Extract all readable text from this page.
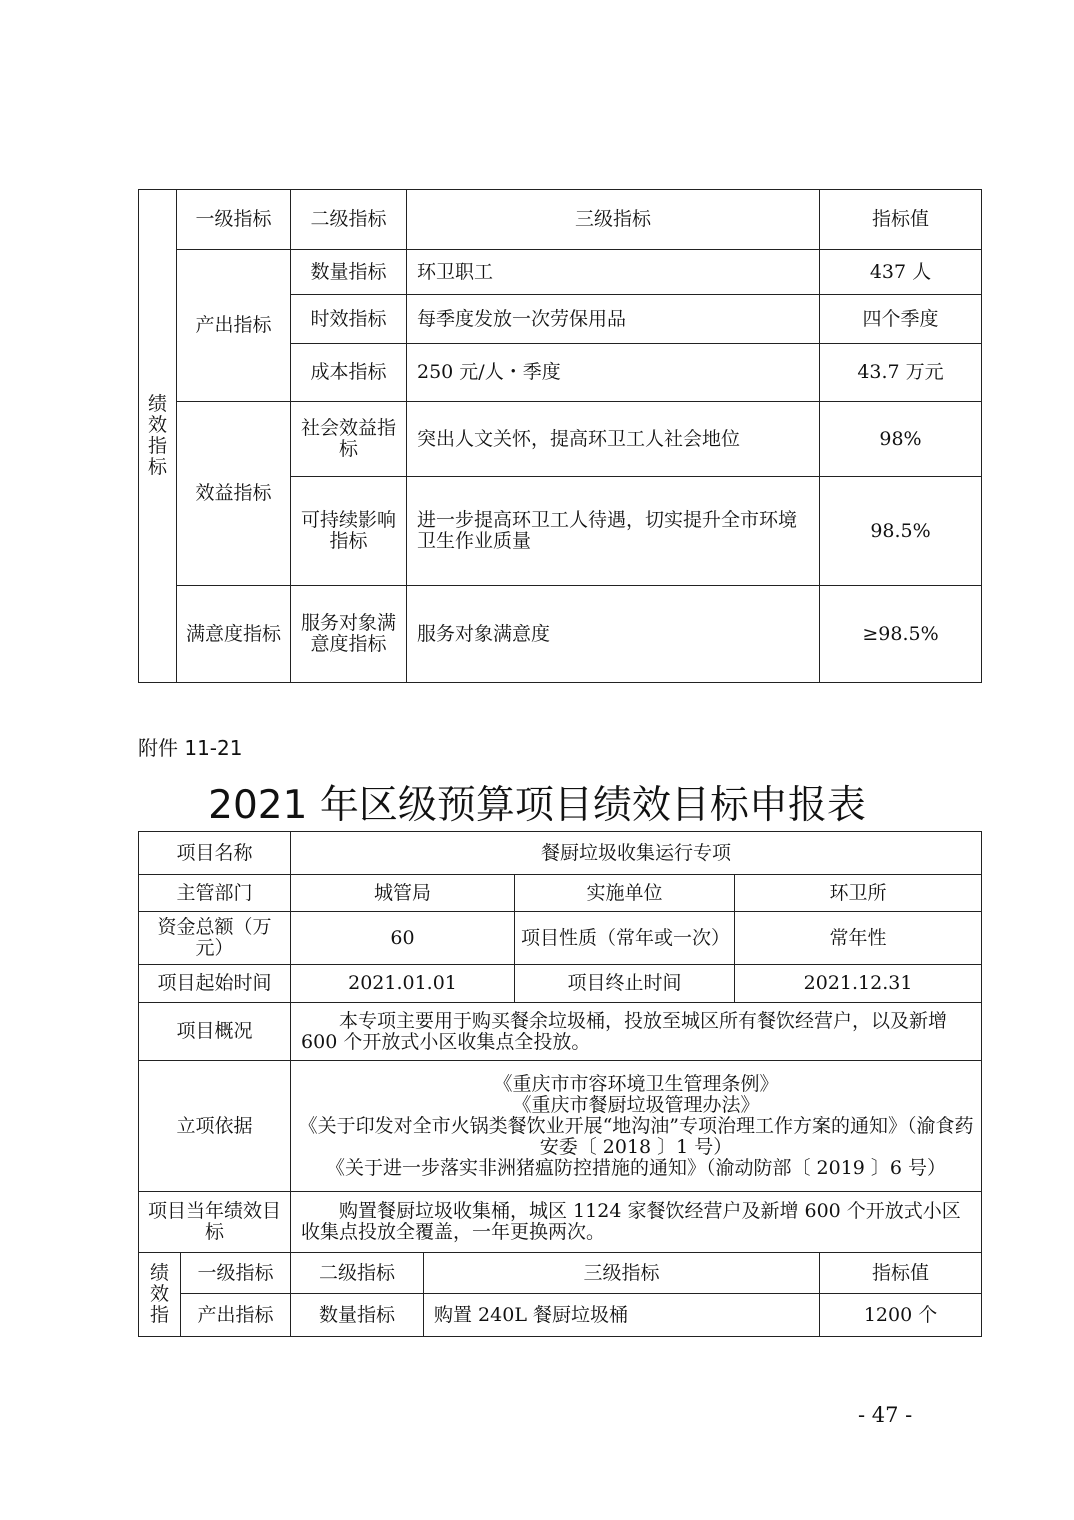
绩效指标	一级指标	二级指标	三级指标	指标值
	产出指标	数量指标	环卫职工	437 人
		时效指标	每季度发放一次劳保用品	四个季度
		成本指标	250 元/人・季度	43.7 万元
	效益指标	社会效益指标	突出人文关怀，提高环卫工人社会地位	98%
		可持续影响指标	进一步提高环卫工人待遇，切实提升全市环境卫生作业质量	98.5%
	满意度指标	服务对象满意度指标	服务对象满意度	≥98.5%
附件 11-21
2021 年区级预算项目绩效目标申报表
项目名称		餐厨垃圾收集运行专项				
主管部门		城管局		实施单位	环卫所	
资金总额（万元）		60		项目性质（常年或一次）	常年性	
项目起始时间		2021.01.01		项目终止时间	2021.12.31	
项目概况		本专项主要用于购买餐余垃圾桶，投放至城区所有餐饮经营户，以及新增 600 个开放式小区收集点全投放。				
立项依据		《重庆市市容环境卫生管理条例》
《重庆市餐厨垃圾管理办法》
《关于印发对全市火锅类餐饮业开展“地沟油”专项治理工作方案的通知》（渝食药安委〔 2018 〕1 号）
《关于进一步落实非洲猪瘟防控措施的通知》（渝动防部〔 2019 〕6 号）				

项目当年绩效目标		购置餐厨垃圾收集桶，城区 1124 家餐饮经营户及新增 600 个开放式小区收集点投放全覆盖，一年更换两次。				
绩效指	一级指标	二级指标	三级指标			指标值
	产出指标	数量指标	购置 240L 餐厨垃圾桶			1200 个
- 47 -
